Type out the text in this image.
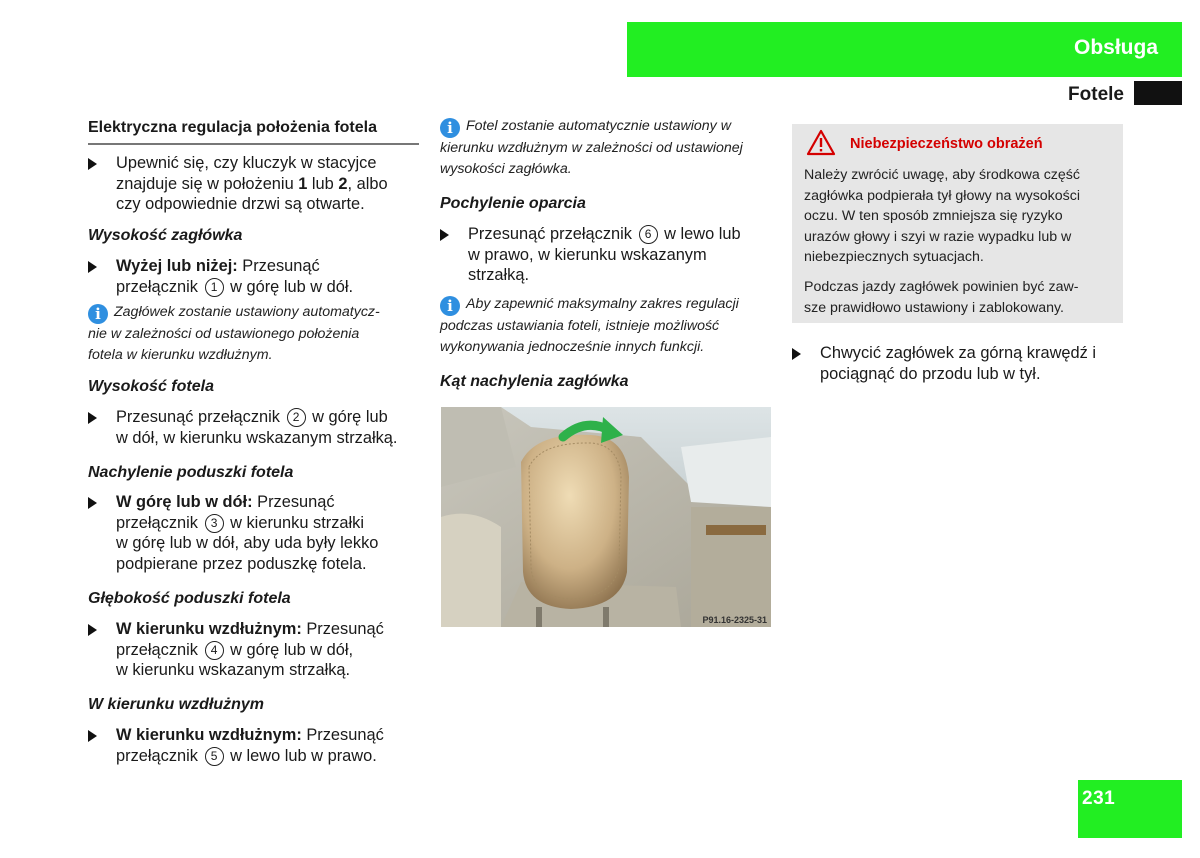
Obsługa
Fotele
Elektryczna regulacja położenia fotela
Upewnić się, czy kluczyk w stacyjce
znajduje się w położeniu 1 lub 2, albo
czy odpowiednie drzwi są otwarte.
Wysokość zagłówka
Wyżej lub niżej: Przesunąć
przełącznik 1 w górę lub w dół.
i Zagłówek zostanie ustawiony automatycz-
nie w zależności od ustawionego położenia
fotela w kierunku wzdłużnym.
Wysokość fotela
Przesunąć przełącznik 2 w górę lub
w dół, w kierunku wskazanym strzałką.
Nachylenie poduszki fotela
W górę lub w dół: Przesunąć
przełącznik 3 w kierunku strzałki
w górę lub w dół, aby uda były lekko
podpierane przez poduszkę fotela.
Głębokość poduszki fotela
W kierunku wzdłużnym: Przesunąć
przełącznik 4 w górę lub w dół,
w kierunku wskazanym strzałką.
W kierunku wzdłużnym
W kierunku wzdłużnym: Przesunąć
przełącznik 5 w lewo lub w prawo.
i Fotel zostanie automatycznie ustawiony w
kierunku wzdłużnym w zależności od ustawionej
wysokości zagłówka.
Pochylenie oparcia
Przesunąć przełącznik 6 w lewo lub
w prawo, w kierunku wskazanym
strzałką.
i Aby zapewnić maksymalny zakres regulacji
podczas ustawiania foteli, istnieje możliwość
wykonywania jednocześnie innych funkcji.
Kąt nachylenia zagłówka
P91.16-2325-31
Niebezpieczeństwo obrażeń
Należy zwrócić uwagę, aby środkowa część
zagłówka podpierała tył głowy na wysokości
oczu. W ten sposób zmniejsza się ryzyko
urazów głowy i szyi w razie wypadku lub w
niebezpiecznych sytuacjach.
Podczas jazdy zagłówek powinien być zaw-
sze prawidłowo ustawiony i zablokowany.
Chwycić zagłówek za górną krawędź i
pociągnąć do przodu lub w tył.
231
